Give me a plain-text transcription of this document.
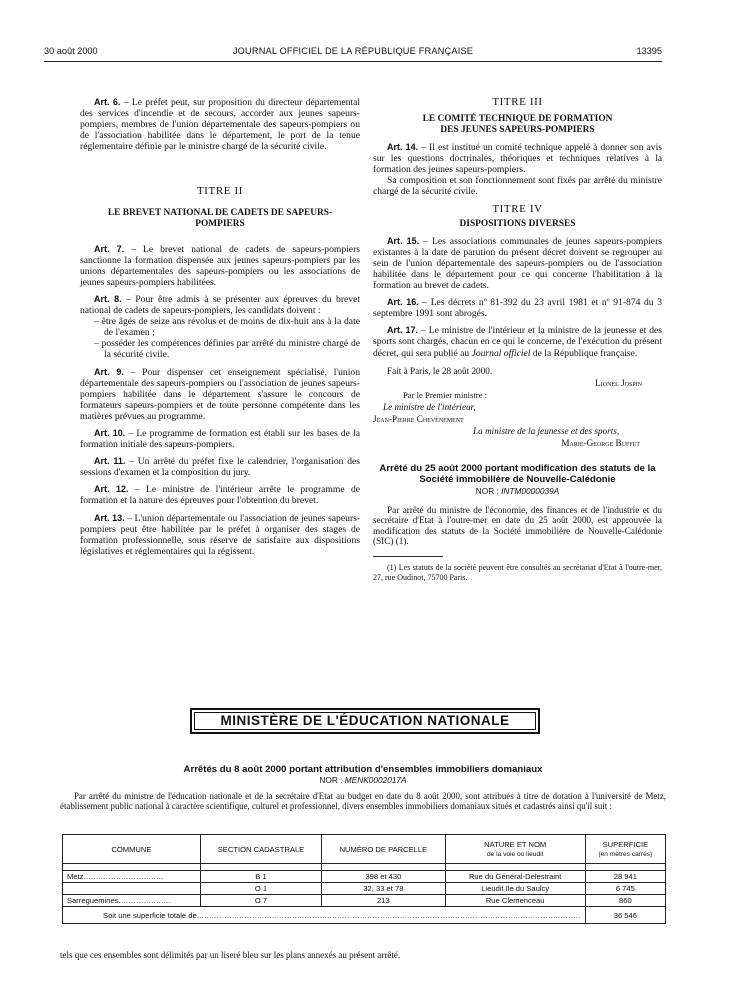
30 août 2000	JOURNAL OFFICIEL DE LA RÉPUBLIQUE FRANÇAISE	13395

Art. 6. – Le préfet peut, sur proposition du directeur départemental des services d'incendie et de secours, accorder aux jeunes sapeurs-pompiers, membres de l'union départementale des sapeurs-pompiers ou de l'association habilitée dans le département, le port de la tenue réglementaire définie par le ministre chargé de la sécurité civile.

TITRE II

LE BREVET NATIONAL DE CADETS DE SAPEURS-POMPIERS

Art. 7. – Le brevet national de cadets de sapeurs-pompiers sanctionne la formation dispensée aux jeunes sapeurs-pompiers par les unions départementales des sapeurs-pompiers ou les associations de jeunes sapeurs-pompiers habilitées.

Art. 8. – Pour être admis à se présenter aux épreuves du brevet national de cadets de sapeurs-pompiers, les candidats doivent :

– être âgés de seize ans révolus et de moins de dix-huit ans à la date de l'examen ;

– posséder les compétences définies par arrêté du ministre chargé de la sécurité civile.

Art. 9. – Pour dispenser cet enseignement spécialisé, l'union départementale des sapeurs-pompiers ou l'association de jeunes sapeurs-pompiers habilitée dans le département s'assure le concours de formateurs sapeurs-pompiers et de toute personne compétente dans les matières prévues au programme.

Art. 10. – Le programme de formation est établi sur les bases de la formation initiale des sapeurs-pompiers.

Art. 11. – Un arrêté du préfet fixe le calendrier, l'organisation des sessions d'examen et la composition du jury.

Art. 12. – Le ministre de l'intérieur arrête le programme de formation et la nature des épreuves pour l'obtention du brevet.

Art. 13. – L'union départementale ou l'association de jeunes sapeurs-pompiers peut être habilitée par le préfet à organiser des stages de formation professionnelle, sous réserve de satisfaire aux dispositions législatives et réglementaires qui la régissent.

TITRE III

LE COMITÉ TECHNIQUE DE FORMATION DES JEUNES SAPEURS-POMPIERS

Art. 14. – Il est institué un comité technique appelé à donner son avis sur les questions doctrinales, théoriques et techniques relatives à la formation des jeunes sapeurs-pompiers.

Sa composition et son fonctionnement sont fixés par arrêté du ministre chargé de la sécurité civile.

TITRE IV

DISPOSITIONS DIVERSES

Art. 15. – Les associations communales de jeunes sapeurs-pompiers existantes à la date de parution du présent décret doivent se regrouper au sein de l'union départementale des sapeurs-pompiers ou de l'association habilitée dans le département pour ce qui concerne l'habilitation à la formation au brevet de cadets.

Art. 16. – Les décrets nº 81-392 du 23 avril 1981 et nº 91-874 du 3 septembre 1991 sont abrogés.

Art. 17. – Le ministre de l'intérieur et la ministre de la jeunesse et des sports sont chargés, chacun en ce qui le concerne, de l'exécution du présent décret, qui sera publié au Journal officiel de la République française.

Fait à Paris, le 28 août 2000.

Lionel Jospin

Par le Premier ministre :

Le ministre de l'intérieur,

Jean-Pierre Chevènement

La ministre de la jeunesse et des sports,

Marie-George Buffet

Arrêté du 25 août 2000 portant modification des statuts de la Société immobilière de Nouvelle-Calédonie

NOR : INTM0000039A

Par arrêté du ministre de l'économie, des finances et de l'industrie et du secrétaire d'Etat à l'outre-mer en date du 25 août 2000, est approuvée la modification des statuts de la Société immobilière de Nouvelle-Calédonie (SIC) (1).

(1) Les statuts de la société peuvent être consultés au secrétariat d'Etat à l'outre-mer, 27, rue Oudinot, 75700 Paris.

MINISTÈRE DE L'ÉDUCATION NATIONALE

Arrêtés du 8 août 2000 portant attribution d'ensembles immobiliers domaniaux

NOR : MENK0002017A

Par arrêté du ministre de l'éducation nationale et de la secrétaire d'Etat au budget en date du 8 août 2000, sont attribués à titre de dotation à l'université de Metz, établissement public national à caractère scientifique, culturel et professionnel, divers ensembles immobiliers domaniaux situés et cadastrés ainsi qu'il suit :

COMMUNE	SECTION CADASTRALE	NUMÉRO DE PARCELLE	NATURE ET NOM
de la voie ou lieudit	SUPERFICIE
(en mètres carrés)

Metz................................	B 1	398 et 430	Rue du Général-Delestraint	28 941
	O 1	32, 33 et 78	Lieudit Ile du Saulcy	6 745
Sarreguemines.....................	O 7	213	Rue Clemenceau	860
Soit une superficie totale de.........................................................................................................................................................				36 546

tels que ces ensembles sont délimités par un liseré bleu sur les plans annexés au présent arrêté.
